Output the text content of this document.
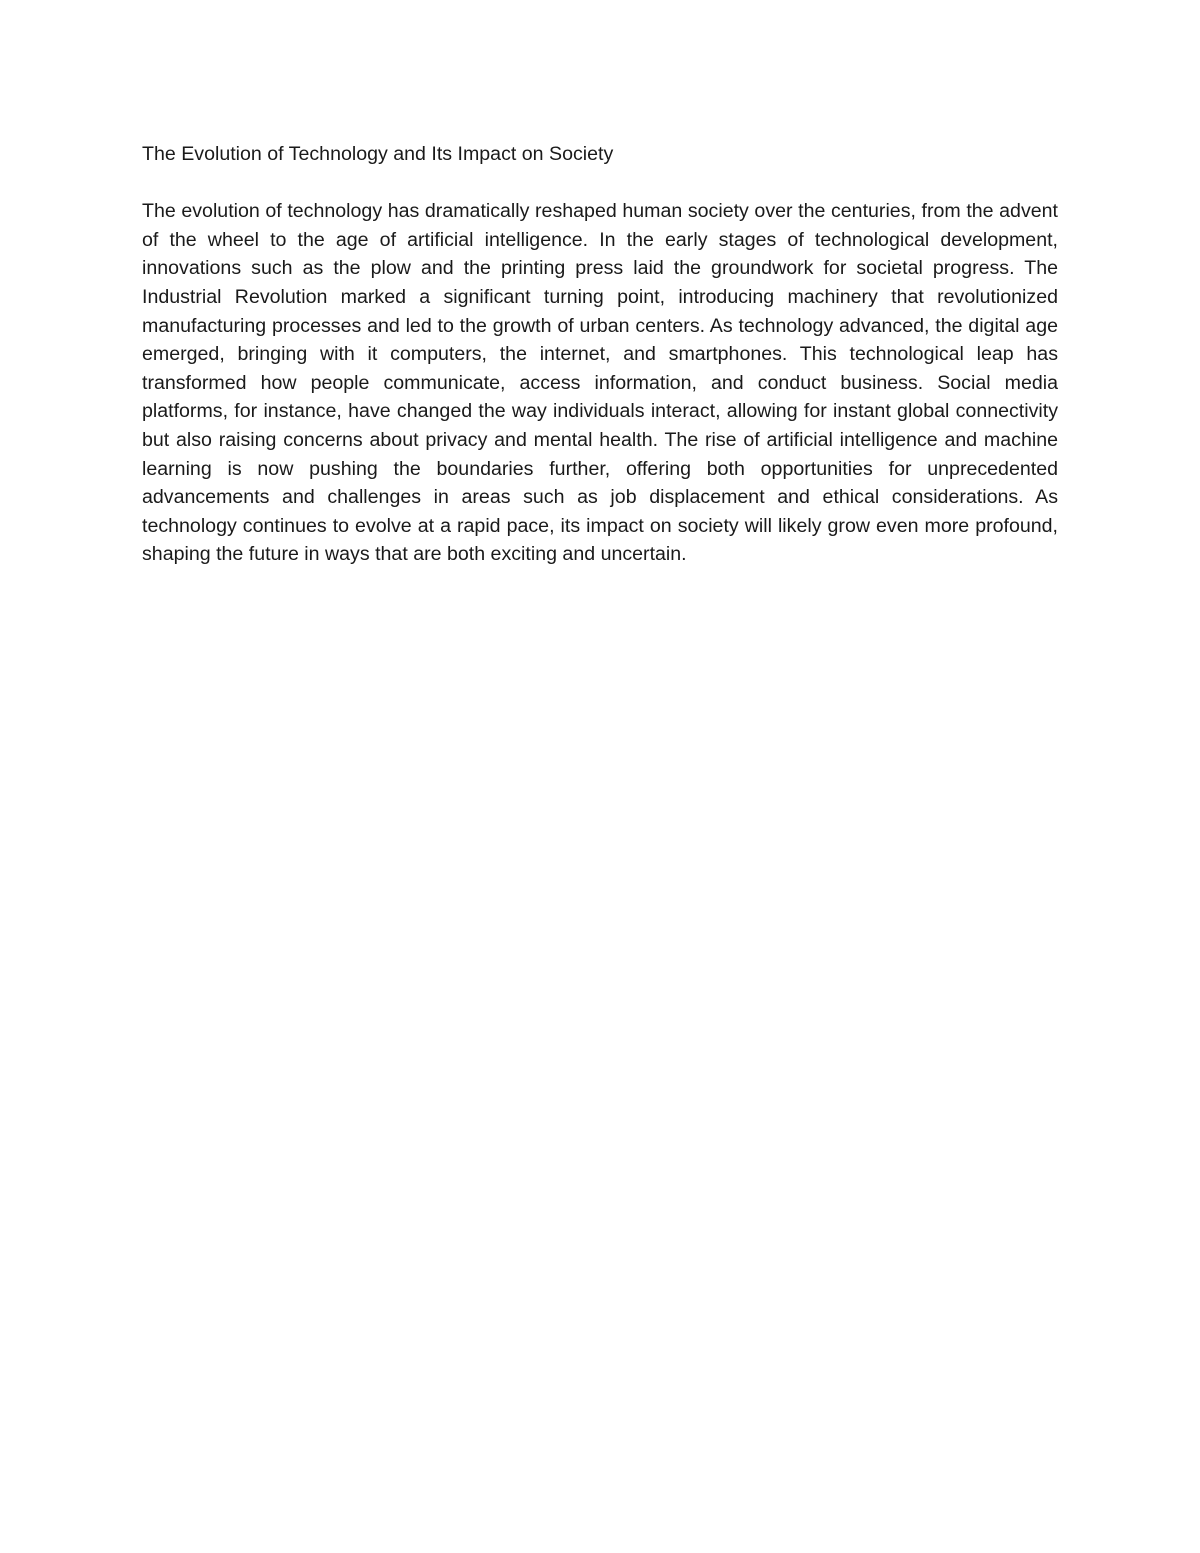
The Evolution of Technology and Its Impact on Society

The evolution of technology has dramatically reshaped human society over the centuries, from the advent of the wheel to the age of artificial intelligence. In the early stages of technological development, innovations such as the plow and the printing press laid the groundwork for societal progress. The Industrial Revolution marked a significant turning point, introducing machinery that revolutionized manufacturing processes and led to the growth of urban centers. As technology advanced, the digital age emerged, bringing with it computers, the internet, and smartphones. This technological leap has transformed how people communicate, access information, and conduct business. Social media platforms, for instance, have changed the way individuals interact, allowing for instant global connectivity but also raising concerns about privacy and mental health. The rise of artificial intelligence and machine learning is now pushing the boundaries further, offering both opportunities for unprecedented advancements and challenges in areas such as job displacement and ethical considerations. As technology continues to evolve at a rapid pace, its impact on society will likely grow even more profound, shaping the future in ways that are both exciting and uncertain.
